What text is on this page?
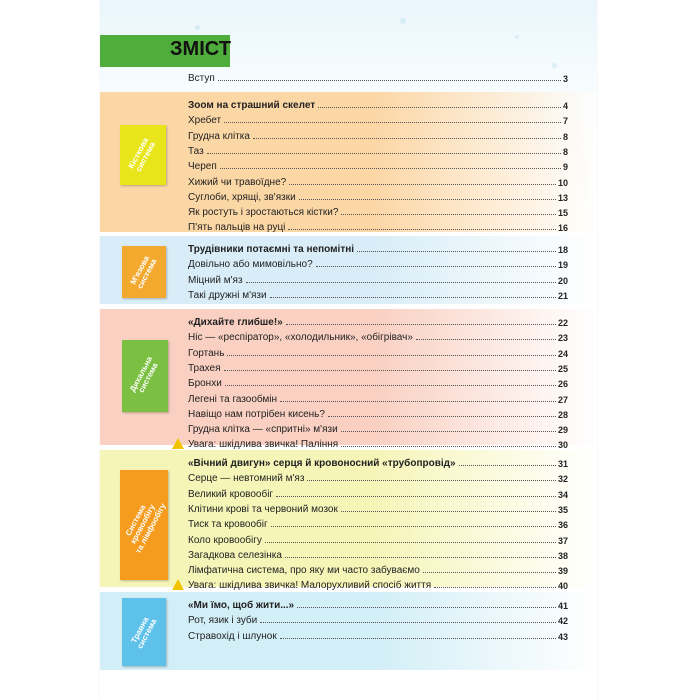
ЗМІСТ
Вступ	3
Кісткова
система
Зоом на страшний скелет	4
Хребет	7
Грудна клітка	8
Таз	8
Череп	9
Хижий чи травоїдне?	10
Суглоби, хрящі, зв'язки	13
Як ростуть і зростаються кістки?	15
П'ять пальців на руці	16
М'язова
система
Трудівники потаємні та непомітні	18
Довільно або мимовільно?	19
Міцний м'яз	20
Такі дружні м'язи	21
Дихальна
система
«Дихайте глибше!»	22
Ніс — «респіратор», «холодильник», «обігрівач»	23
Гортань	24
Трахея	25
Бронхи	26
Легені та газообмін	27
Навіщо нам потрібен кисень?	28
Грудна клітка — «спритні» м'язи	29
Увага: шкідлива звичка! Паління	30
Система
кровообігу
та лімфообігу
«Вічний двигун» серця й кровоносний «трубопровід»	31
Серце — невтомний м'яз	32
Великий кровообіг	34
Клітини крові та червоний мозок	35
Тиск та кровообіг	36
Коло кровообігу	37
Загадкова селезінка	38
Лімфатична система, про яку ми часто забуваємо	39
Увага: шкідлива звичка! Малорухливий спосіб життя	40
Травна
система
«Ми їмо, щоб жити...»	41
Рот, язик і зуби	42
Стравохід і шлунок	43
